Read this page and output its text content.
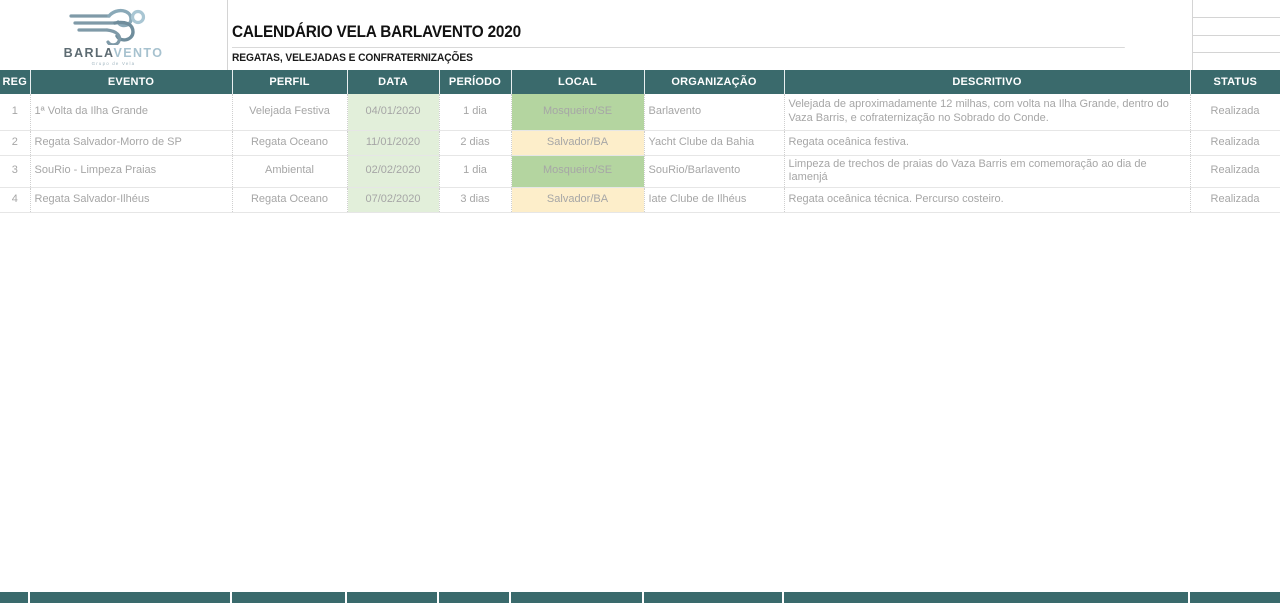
BARLAVENTO
Grupo de Vela
CALENDÁRIO VELA BARLAVENTO 2020
REGATAS, VELEJADAS E CONFRATERNIZAÇÕES
REG	EVENTO	PERFIL	DATA	PERÍODO	LOCAL	ORGANIZAÇÃO	DESCRITIVO	STATUS
1	1ª Volta da Ilha Grande	Velejada Festiva	04/01/2020	1 dia	Mosqueiro/SE	Barlavento	Velejada de aproximadamente 12 milhas, com volta na Ilha Grande, dentro do Vaza Barris, e cofraternização no Sobrado do Conde.	Realizada
2	Regata Salvador-Morro de SP	Regata Oceano	11/01/2020	2 dias	Salvador/BA	Yacht Clube da Bahia	Regata oceânica festiva.	Realizada
3	SouRio - Limpeza Praias	Ambiental	02/02/2020	1 dia	Mosqueiro/SE	SouRio/Barlavento	Limpeza de trechos de praias do Vaza Barris em comemoração ao dia de Iamenjá	Realizada
4	Regata Salvador-Ilhéus	Regata Oceano	07/02/2020	3 dias	Salvador/BA	Iate Clube de Ilhéus	Regata oceânica técnica. Percurso costeiro.	Realizada
